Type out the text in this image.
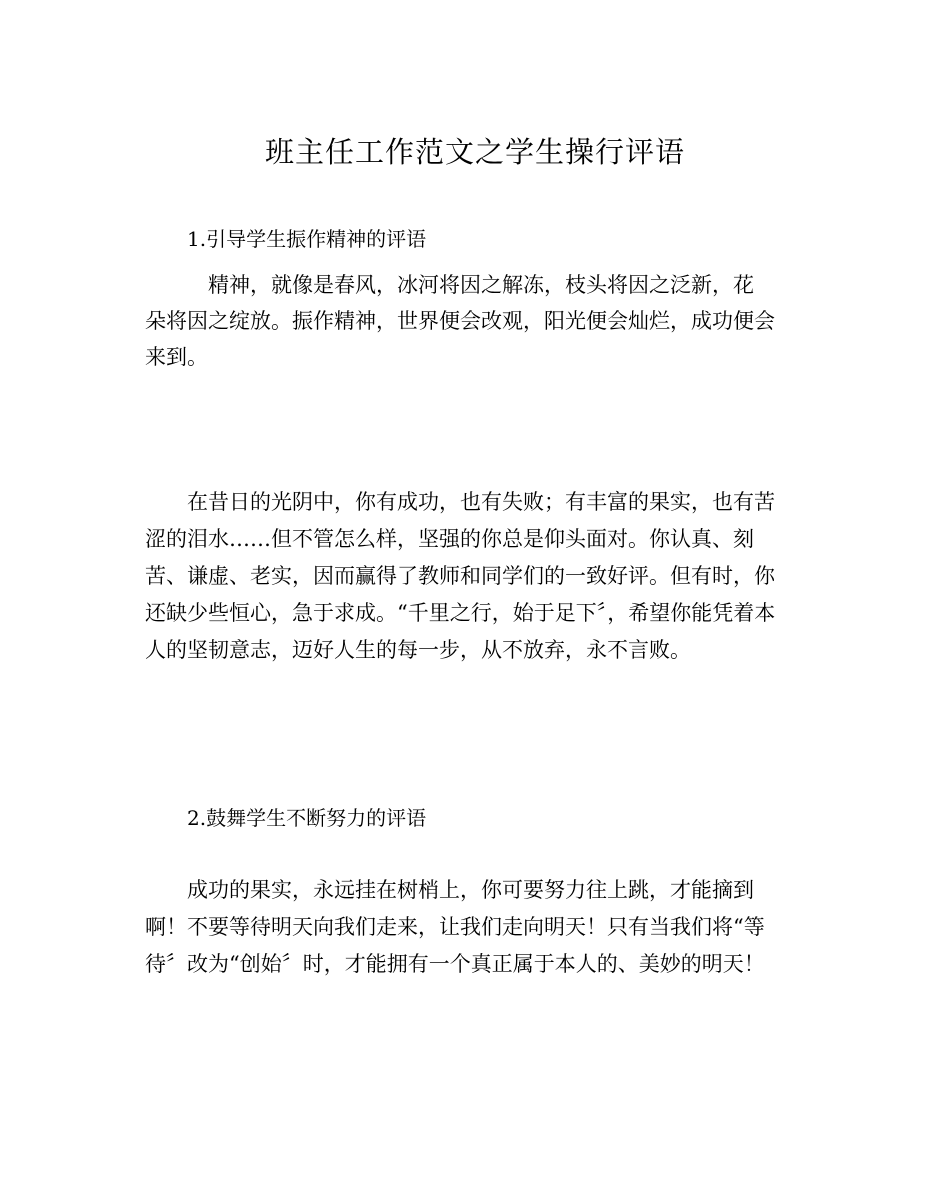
班主任工作范文之学生操行评语
1.引导学生振作精神的评语
　　　精神，就像是春风，冰河将因之解冻，枝头将因之泛新，花
朵将因之绽放。振作精神，世界便会改观，阳光便会灿烂，成功便会
来到。
　　在昔日的光阴中，你有成功，也有失败；有丰富的果实，也有苦
涩的泪水……但不管怎么样，坚强的你总是仰头面对。你认真、刻
苦、谦虚、老实，因而赢得了教师和同学们的一致好评。但有时，你
还缺少些恒心，急于求成。“千里之行，始于足下〞，希望你能凭着本
人的坚韧意志，迈好人生的每一步，从不放弃，永不言败。
2.鼓舞学生不断努力的评语
　　成功的果实，永远挂在树梢上，你可要努力往上跳，才能摘到
啊！不要等待明天向我们走来，让我们走向明天！只有当我们将“等
待〞改为“创始〞时，才能拥有一个真正属于本人的、美妙的明天！
